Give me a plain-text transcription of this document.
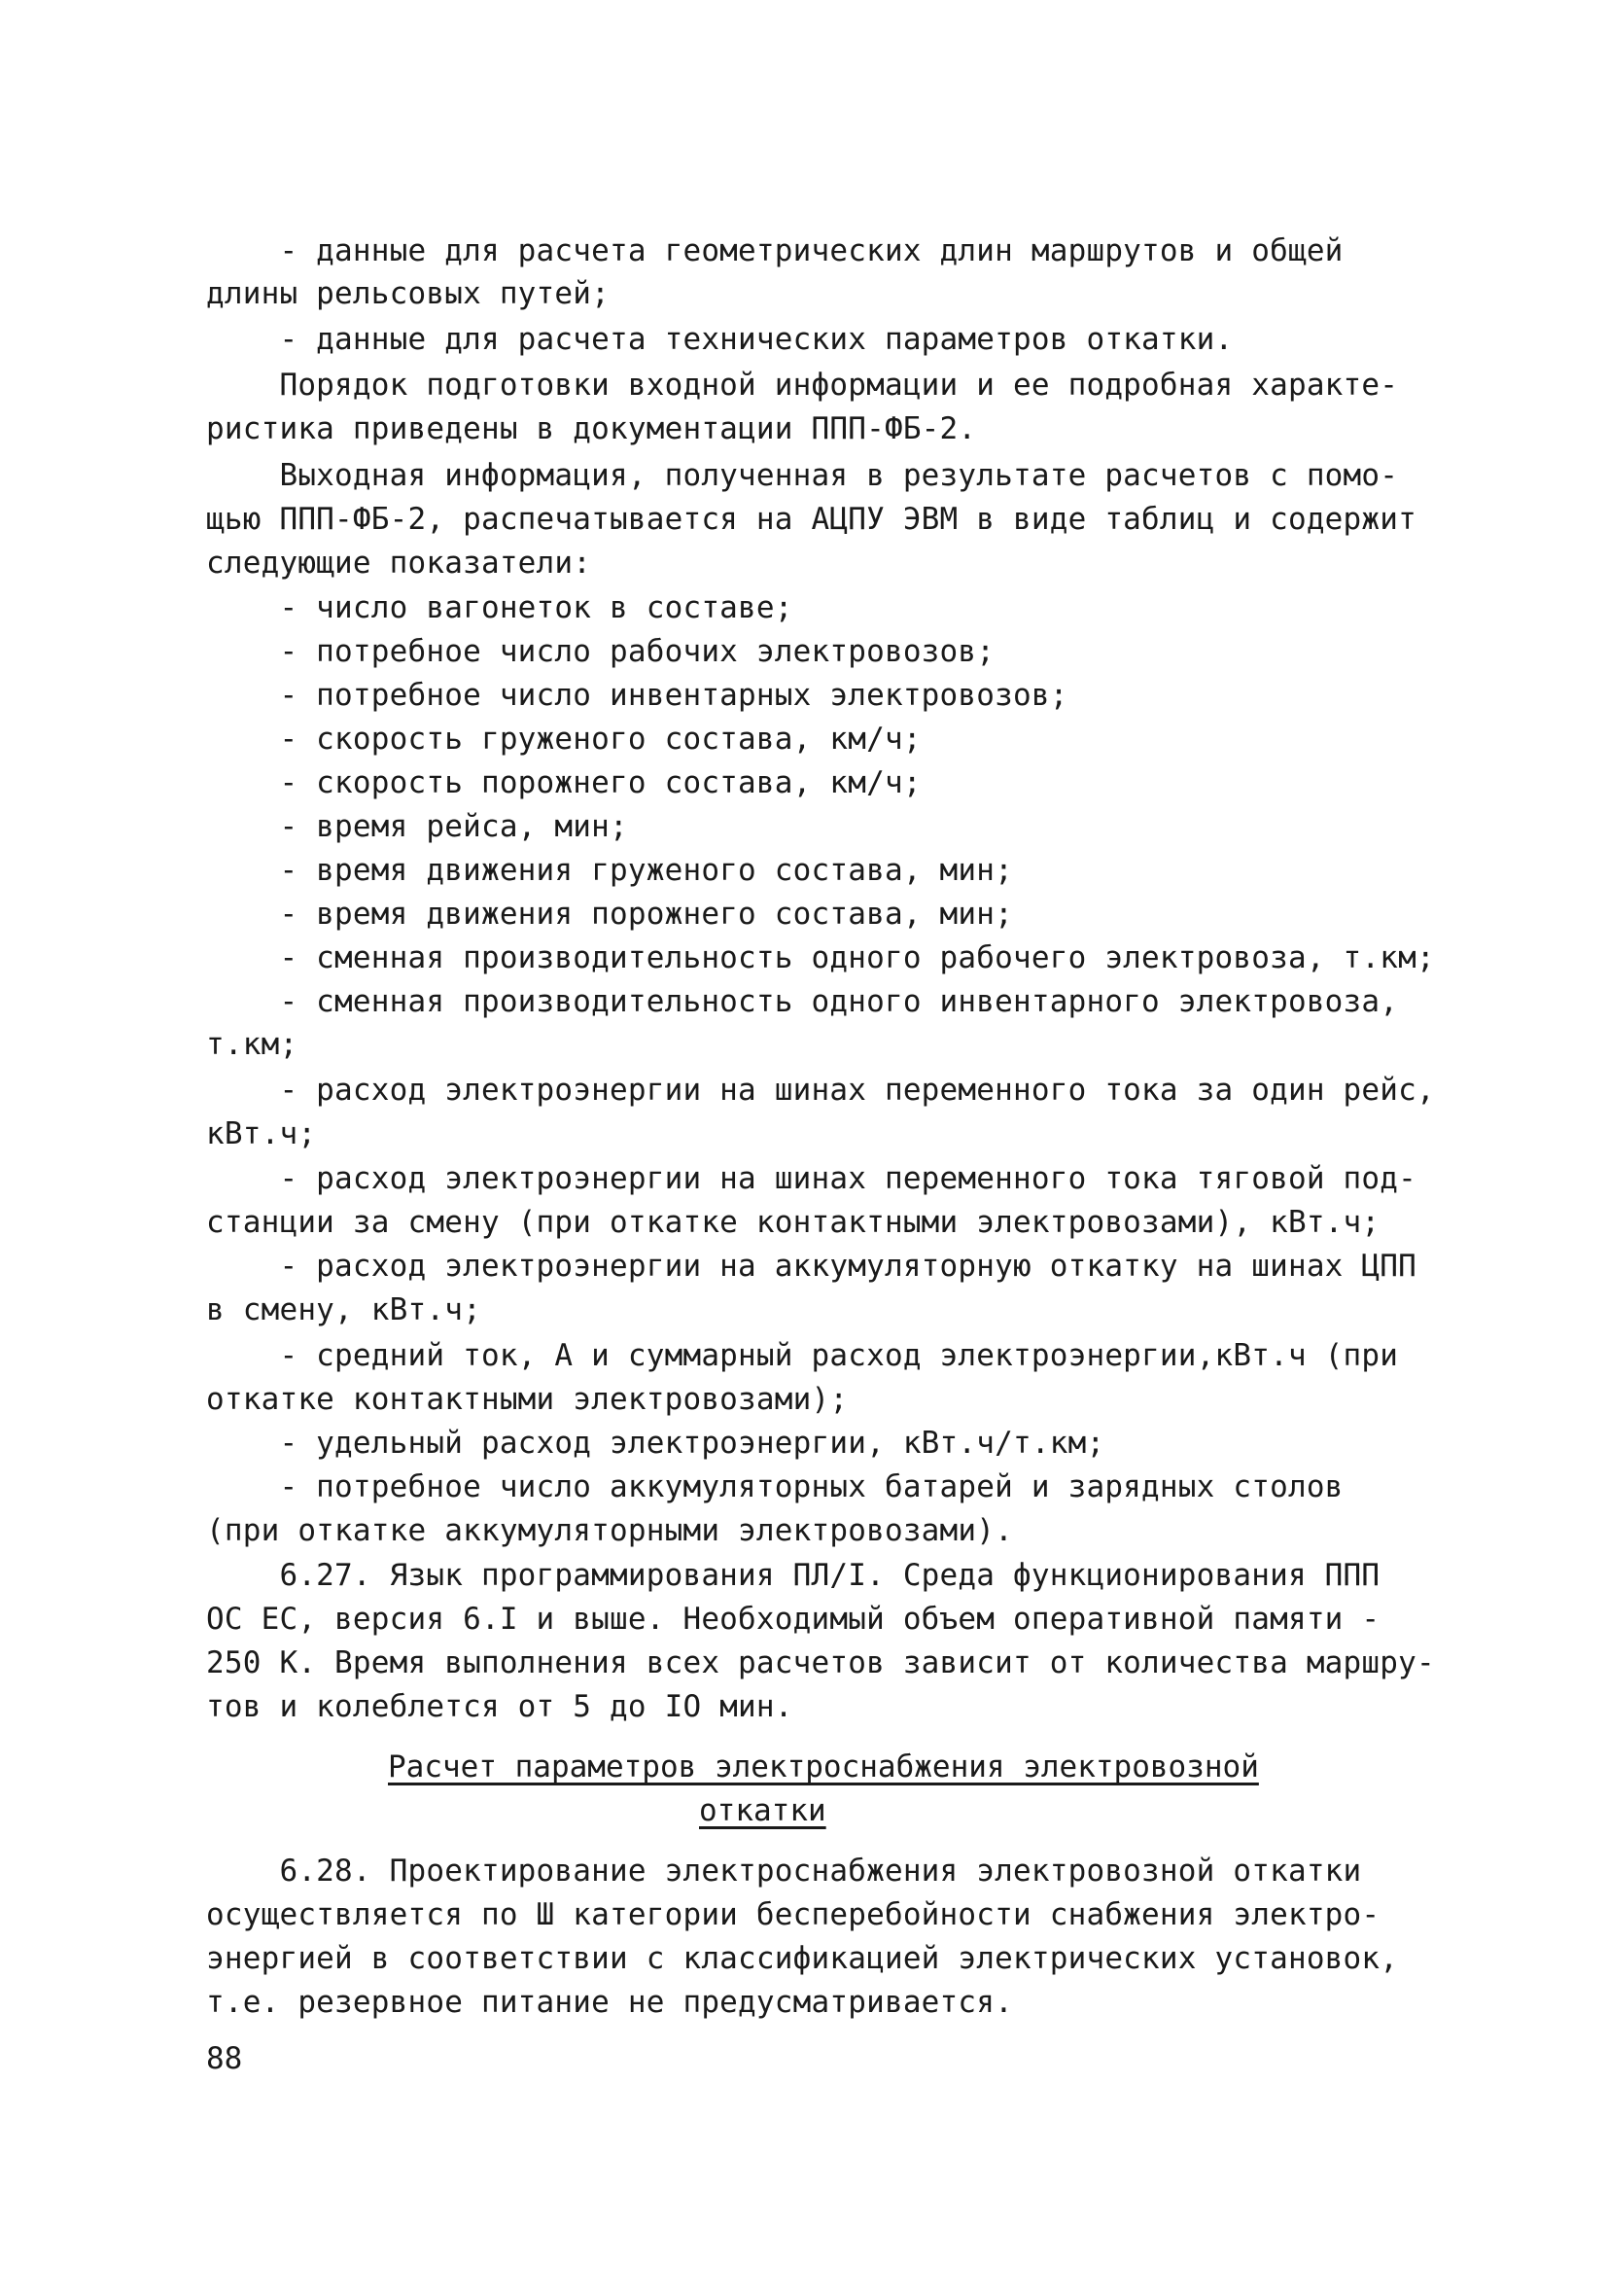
- данные для расчета геометрических длин маршрутов и общей
длины рельсовых путей;
- данные для расчета технических параметров откатки.
Порядок подготовки входной информации и ее подробная характе-
ристика приведены в документации ППП-ФБ-2.
Выходная информация, полученная в результате расчетов с помо-
щью ППП-ФБ-2, распечатывается на АЦПУ ЭВМ в виде таблиц и содержит
следующие показатели:
- число вагонеток в составе;
- потребное число рабочих электровозов;
- потребное число инвентарных электровозов;
- скорость груженого состава, км/ч;
- скорость порожнего состава, км/ч;
- время рейса, мин;
- время движения груженого состава, мин;
- время движения порожнего состава, мин;
- сменная производительность одного рабочего электровоза, т.км;
- сменная производительность одного инвентарного электровоза,
т.км;
- расход электроэнергии на шинах переменного тока за один рейс,
кВт.ч;
- расход электроэнергии на шинах переменного тока тяговой под-
станции за смену (при откатке контактными электровозами), кВт.ч;
- расход электроэнергии на аккумуляторную откатку на шинах ЦПП
в смену, кВт.ч;
- средний ток, А и суммарный расход электроэнергии,кВт.ч (при
откатке контактными электровозами);
- удельный расход электроэнергии, кВт.ч/т.км;
- потребное число аккумуляторных батарей и зарядных столов
(при откатке аккумуляторными электровозами).
6.27. Язык программирования ПЛ/I. Среда функционирования ППП
ОС ЕС, версия 6.I и выше. Необходимый объем оперативной памяти -
250 К. Время выполнения всех расчетов зависит от количества маршру-
тов и колеблется от 5 до IO мин.
Расчет параметров электроснабжения электровозной
откатки
6.28. Проектирование электроснабжения электровозной откатки
осуществляется по Ш категории бесперебойности снабжения электро-
энергией в соответствии с классификацией электрических установок,
т.е. резервное питание не предусматривается.
88
